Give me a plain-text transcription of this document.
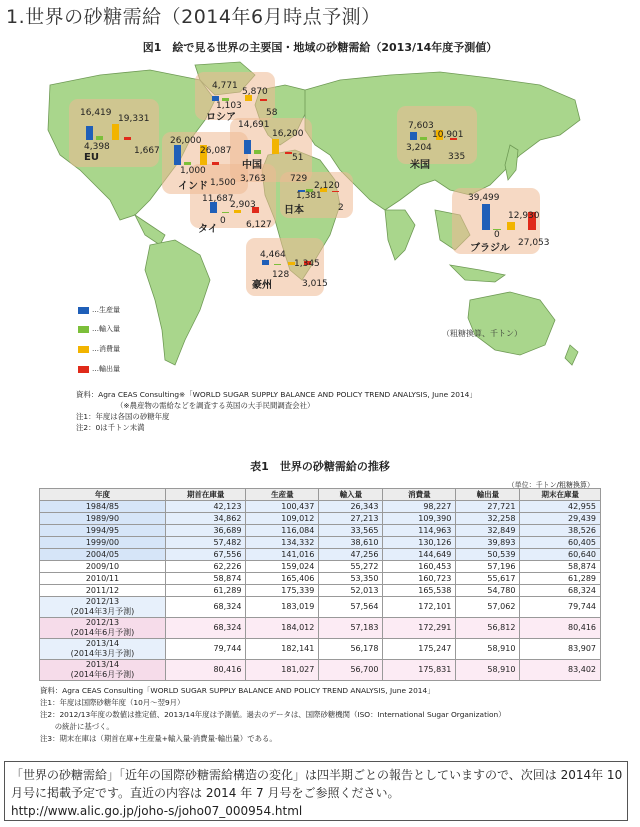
1.世界の砂糖需給（2014年6月時点予測）
図1　絵で見る世界の主要国・地域の砂糖需給（2013/14年度予測値）
16,419
4,398
19,331
1,667
EU
4,771
1,103
5,870
58
ロシア
26,000
1,000
26,087
1,500
インド
14,691
3,763
16,200
51
中国
7,603
3,204
10,901
335
米国
729
1,381
2,120
2
日本
11,687
0
2,903
6,127
タイ
39,499
0
12,930
27,053
ブラジル
4,464
128
1,345
3,015
豪州
…生産量
…輸入量
…消費量
…輸出量
（粗糖換算、千トン）
資料：Agra CEAS Consulting※「WORLD SUGAR SUPPLY BALANCE AND POLICY TREND ANALYSIS, June 2014」
（※農産物の需給などを調査する英国の大手民間調査会社）
注1：年度は各国の砂糖年度
注2：0は千トン未満
表1　世界の砂糖需給の推移
（単位：千トン/粗糖換算）
年度	期首在庫量	生産量	輸入量	消費量	輸出量	期末在庫量

1984/85	42,123	100,437	26,343	98,227	27,721	42,955

1989/90	34,862	109,012	27,213	109,390	32,258	29,439

1994/95	36,689	116,084	33,565	114,963	32,849	38,526

1999/00	57,482	134,332	38,610	130,126	39,893	60,405

2004/05	67,556	141,016	47,256	144,649	50,539	60,640

2009/10	62,226	159,024	55,272	160,453	57,196	58,874

2010/11	58,874	165,406	53,350	160,723	55,617	61,289

2011/12	61,289	175,339	52,013	165,538	54,780	68,324

2012/13
(2014年3月予測)	68,324	183,019	57,564	172,101	57,062	79,744

2012/13
(2014年6月予測)	68,324	184,012	57,183	172,291	56,812	80,416

2013/14
(2014年3月予測)	79,744	182,141	56,178	175,247	58,910	83,907

2013/14
(2014年6月予測)	80,416	181,027	56,700	175,831	58,910	83,402
資料：Agra CEAS Consulting「WORLD SUGAR SUPPLY BALANCE AND POLICY TREND ANALYSIS, June 2014」
注1：年度は国際砂糖年度（10月～翌9月）
注2：2012/13年度の数値は推定値、2013/14年度は予測値。過去のデータは、国際砂糖機関（ISO：International Sugar Organization）
　　の統計に基づく。
注3：期末在庫は（期首在庫+生産量+輸入量-消費量-輸出量）である。
「世界の砂糖需給」「近年の国際砂糖需給構造の変化」は四半期ごとの報告としていますので、次回は 2014年 10 月号に掲載予定です。直近の内容は 2014 年 7 月号をご参照ください。
http://www.alic.go.jp/joho-s/joho07_000954.html
